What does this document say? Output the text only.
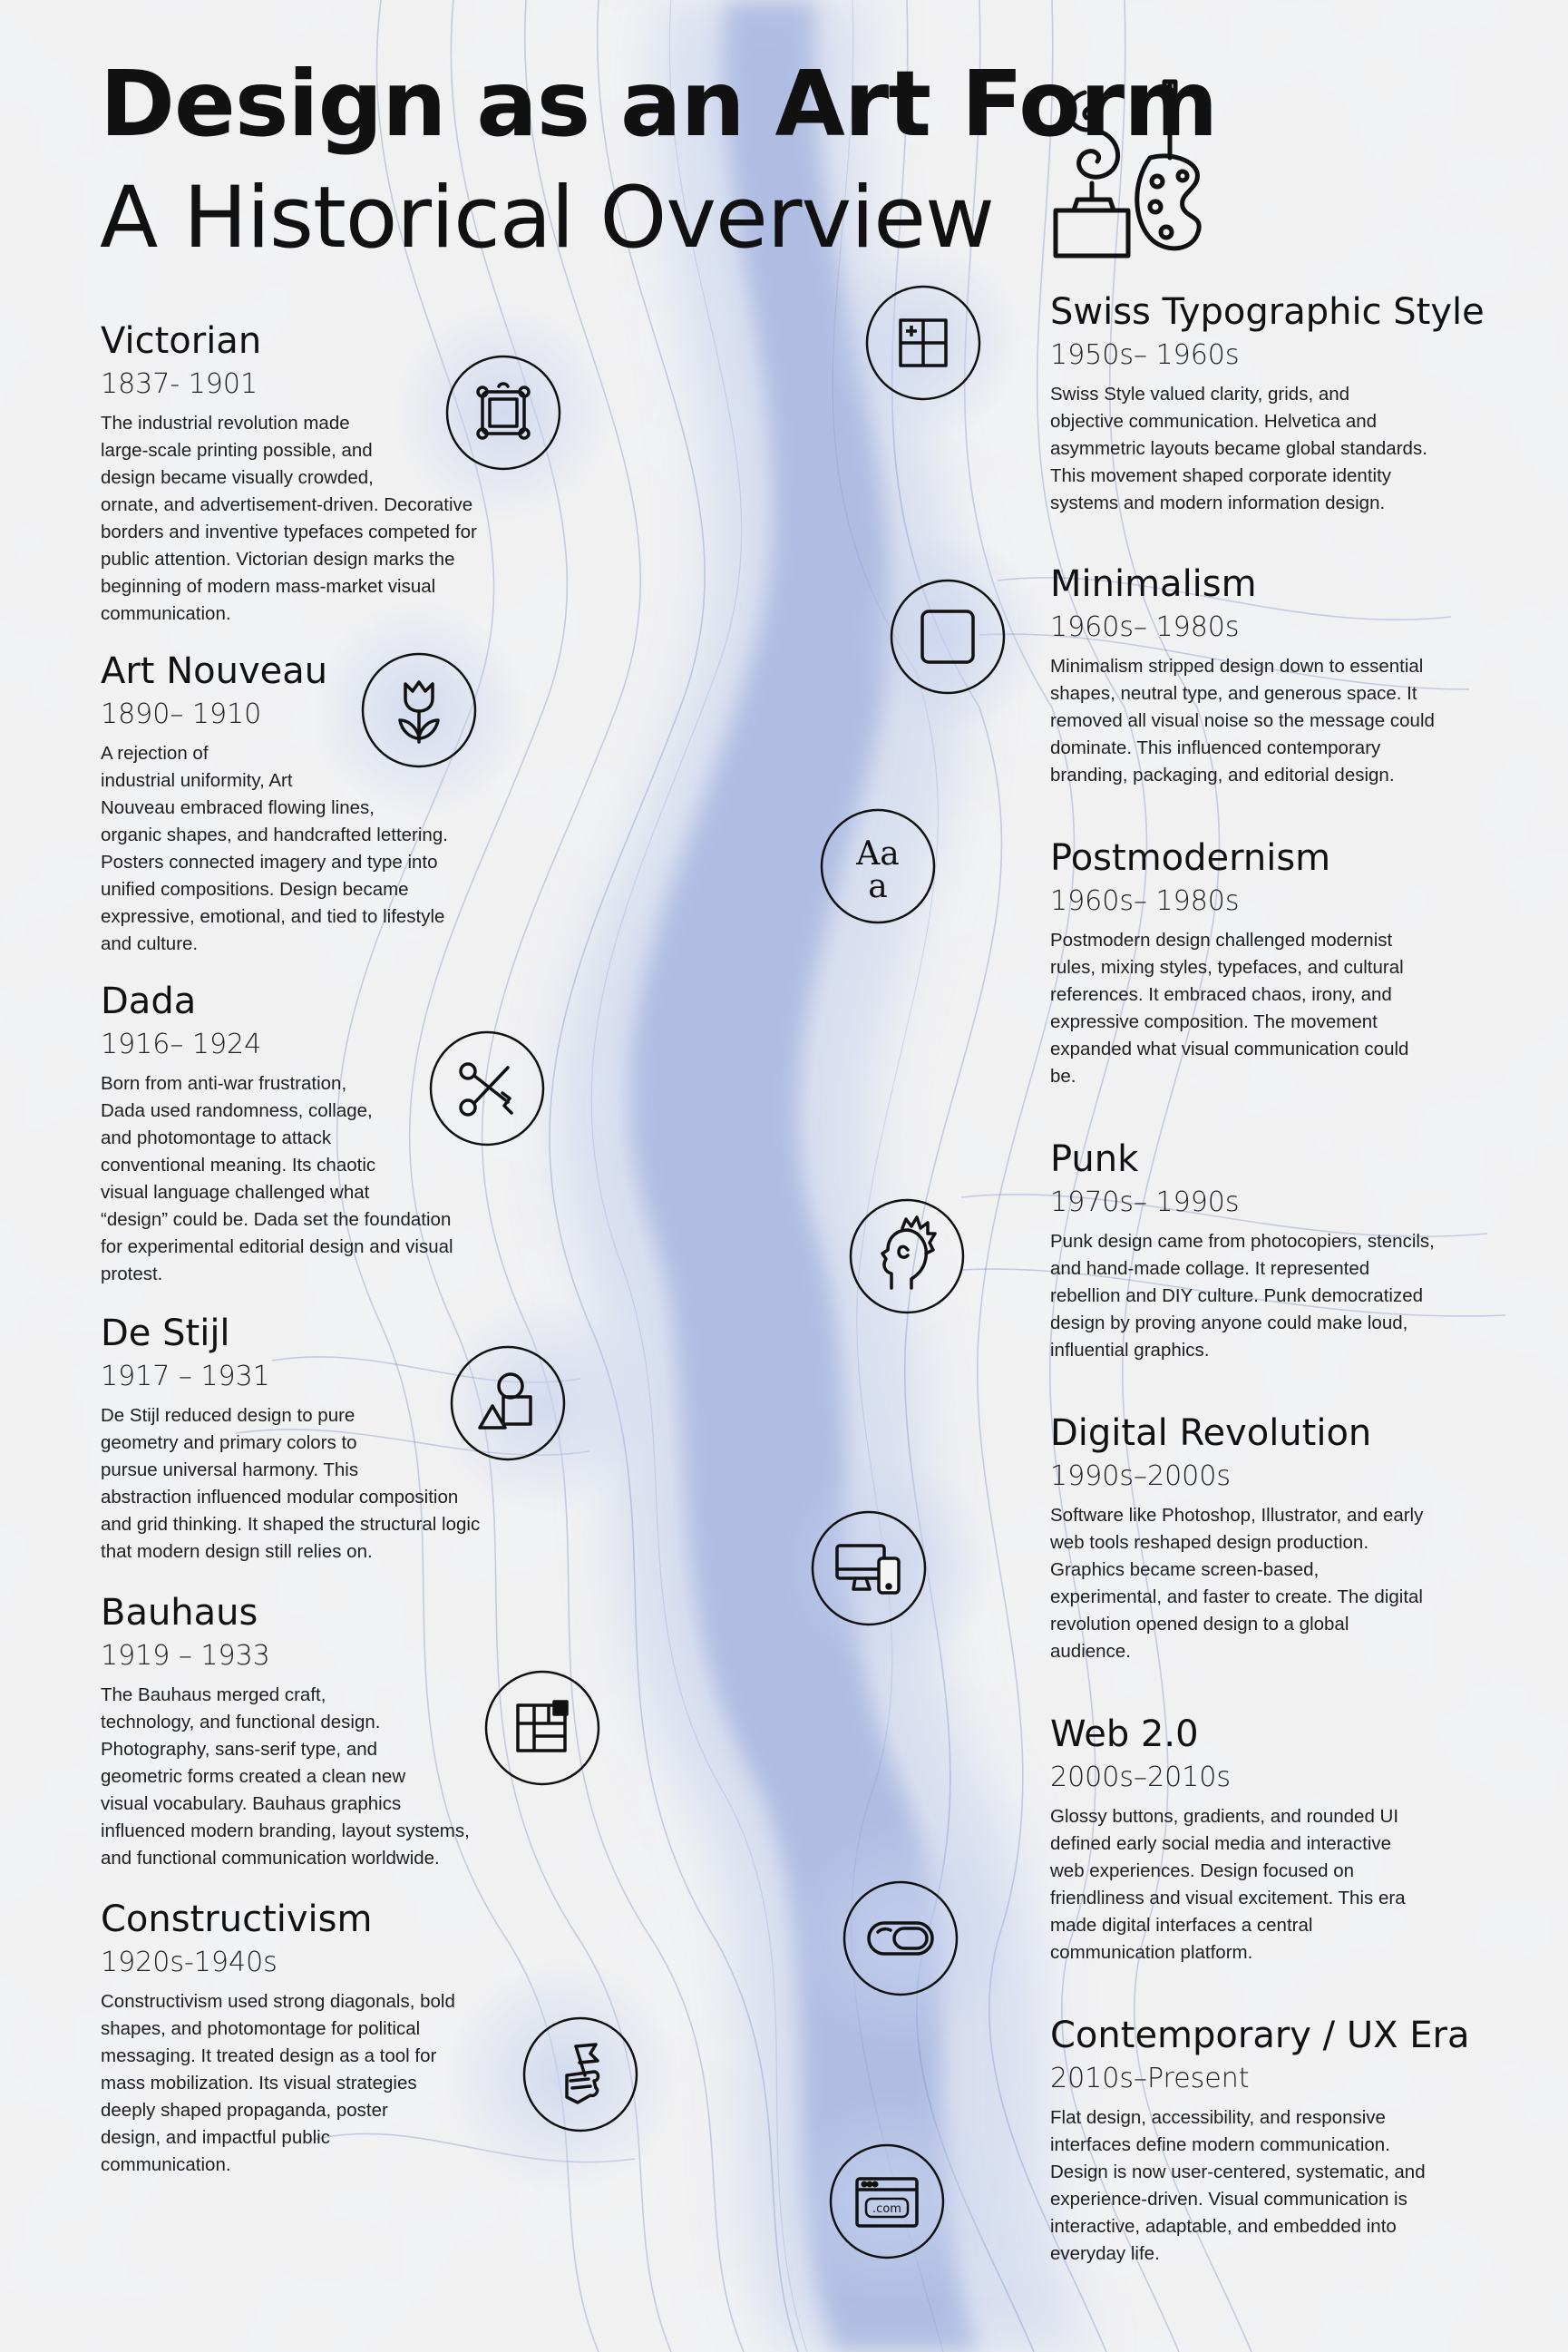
Design as an Art Form
A Historical Overview
Victorian
1837- 1901

The industrial revolution made
large-scale printing possible, and
design became visually crowded,
ornate, and advertisement-driven. Decorative
borders and inventive typefaces competed for
public attention. Victorian design marks the
beginning of modern mass-market visual
communication.

Art Nouveau
1890– 1910

A rejection of
industrial uniformity, Art
Nouveau embraced flowing lines,
organic shapes, and handcrafted lettering.
Posters connected imagery and type into
unified compositions. Design became
expressive, emotional, and tied to lifestyle
and culture.

Dada
1916– 1924

Born from anti-war frustration,
Dada used randomness, collage,
and photomontage to attack
conventional meaning. Its chaotic
visual language challenged what
“design” could be. Dada set the foundation
for experimental editorial design and visual
protest.

De Stijl
1917 – 1931

De Stijl reduced design to pure
geometry and primary colors to
pursue universal harmony. This
abstraction influenced modular composition
and grid thinking. It shaped the structural logic
that modern design still relies on.

Bauhaus
1919 – 1933

The Bauhaus merged craft,
technology, and functional design.
Photography, sans-serif type, and
geometric forms created a clean new
visual vocabulary. Bauhaus graphics
influenced modern branding, layout systems,
and functional communication worldwide.

Constructivism
1920s-1940s

Constructivism used strong diagonals, bold
shapes, and photomontage for political
messaging. It treated design as a tool for
mass mobilization. Its visual strategies
deeply shaped propaganda, poster
design, and impactful public
communication.

Swiss Typographic Style
1950s– 1960s

Swiss Style valued clarity, grids, and
objective communication. Helvetica and
asymmetric layouts became global standards.
This movement shaped corporate identity
systems and modern information design.

Minimalism
1960s– 1980s

Minimalism stripped design down to essential
shapes, neutral type, and generous space. It
removed all visual noise so the message could
dominate. This influenced contemporary
branding, packaging, and editorial design.

Postmodernism
1960s– 1980s

Postmodern design challenged modernist
rules, mixing styles, typefaces, and cultural
references. It embraced chaos, irony, and
expressive composition. The movement
expanded what visual communication could
be.

Punk
1970s– 1990s

Punk design came from photocopiers, stencils,
and hand-made collage. It represented
rebellion and DIY culture. Punk democratized
design by proving anyone could make loud,
influential graphics.

Digital Revolution
1990s–2000s

Software like Photoshop, Illustrator, and early
web tools reshaped design production.
Graphics became screen-based,
experimental, and faster to create. The digital
revolution opened design to a global
audience.

Web 2.0
2000s–2010s

Glossy buttons, gradients, and rounded UI
defined early social media and interactive
web experiences. Design focused on
friendliness and visual excitement. This era
made digital interfaces a central
communication platform.

Contemporary / UX Era
2010s–Present

Flat design, accessibility, and responsive
interfaces define modern communication.
Design is now user-centered, systematic, and
experience-driven. Visual communication is
interactive, adaptable, and embedded into
everyday life.

Aa
a
.com
